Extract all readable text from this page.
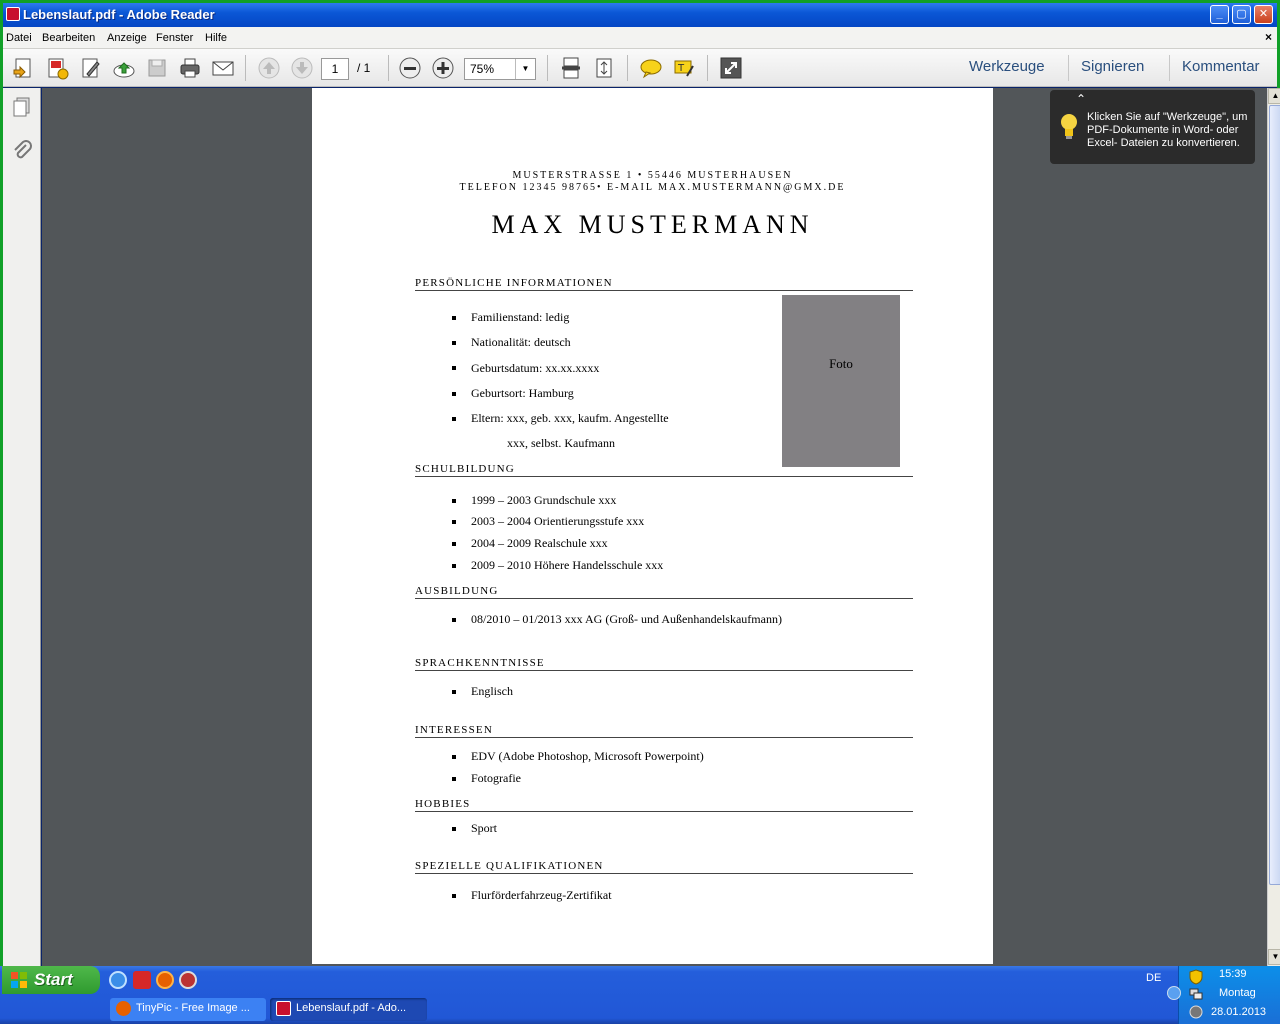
Lebenslauf.pdf - Adobe Reader	_	▢	✕
Datei Bearbeiten Anzeige Fenster Hilfe	×
1	/ 1	75%	▼	T	Werkzeuge Signieren	Kommentar
▲
▼
MUSTERSTRASSE 1 • 55446 MUSTERHAUSEN
TELEFON 12345 98765• E-MAIL MAX.MUSTERMANN@GMX.DE
MAX MUSTERMANN
PERSÖNLICHE INFORMATIONEN
Familienstand: ledig
Nationalität: deutsch
Geburtsdatum: xx.xx.xxxx
Geburtsort: Hamburg
Eltern: xxx, geb. xxx, kaufm. Angestellte
xxx, selbst. Kaufmann
Foto
SCHULBILDUNG
1999 – 2003 Grundschule xxx
2003 – 2004 Orientierungsstufe xxx
2004 – 2009 Realschule xxx
2009 – 2010 Höhere Handelsschule xxx
AUSBILDUNG
08/2010 – 01/2013 xxx AG (Groß- und Außenhandelskaufmann)
SPRACHKENNTNISSE
Englisch
INTERESSEN
EDV (Adobe Photoshop, Microsoft Powerpoint)
Fotografie
HOBBIES
Sport
SPEZIELLE QUALIFIKATIONEN
Flurförderfahrzeug-Zertifikat
⌃
Klicken Sie auf "Werkzeuge", um PDF-Dokumente in Word- oder Excel- Dateien zu konvertieren.
Start
TinyPic - Free Image ...	Lebenslauf.pdf - Ado...
DE	15:39
Montag
28.01.2013
